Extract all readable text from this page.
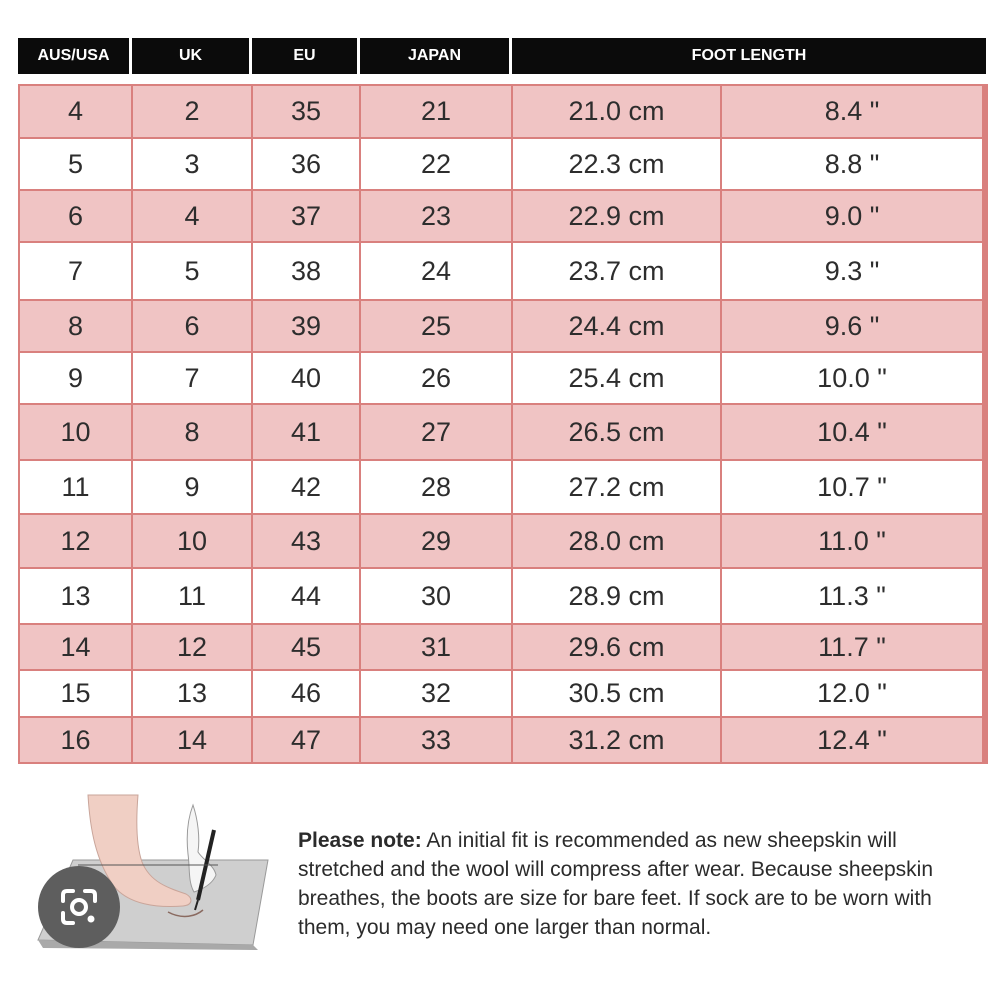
AUS/USA	UK	EU	JAPAN	FOOT LENGTH
4	2	35	21	21.0 cm	8.4 "
5	3	36	22	22.3 cm	8.8 "
6	4	37	23	22.9 cm	9.0 "
7	5	38	24	23.7 cm	9.3 "
8	6	39	25	24.4 cm	9.6 "
9	7	40	26	25.4 cm	10.0 "
10	8	41	27	26.5 cm	10.4 "
11	9	42	28	27.2 cm	10.7 "
12	10	43	29	28.0 cm	11.0 "
13	11	44	30	28.9 cm	11.3 "
14	12	45	31	29.6 cm	11.7 "
15	13	46	32	30.5 cm	12.0 "
16	14	47	33	31.2 cm	12.4 "
Please note: An initial fit is recommended as new sheepskin will stretched and the wool will compress after wear. Because sheepskin breathes, the boots are size for bare feet. If sock are to be worn with them, you may need one larger than normal.
